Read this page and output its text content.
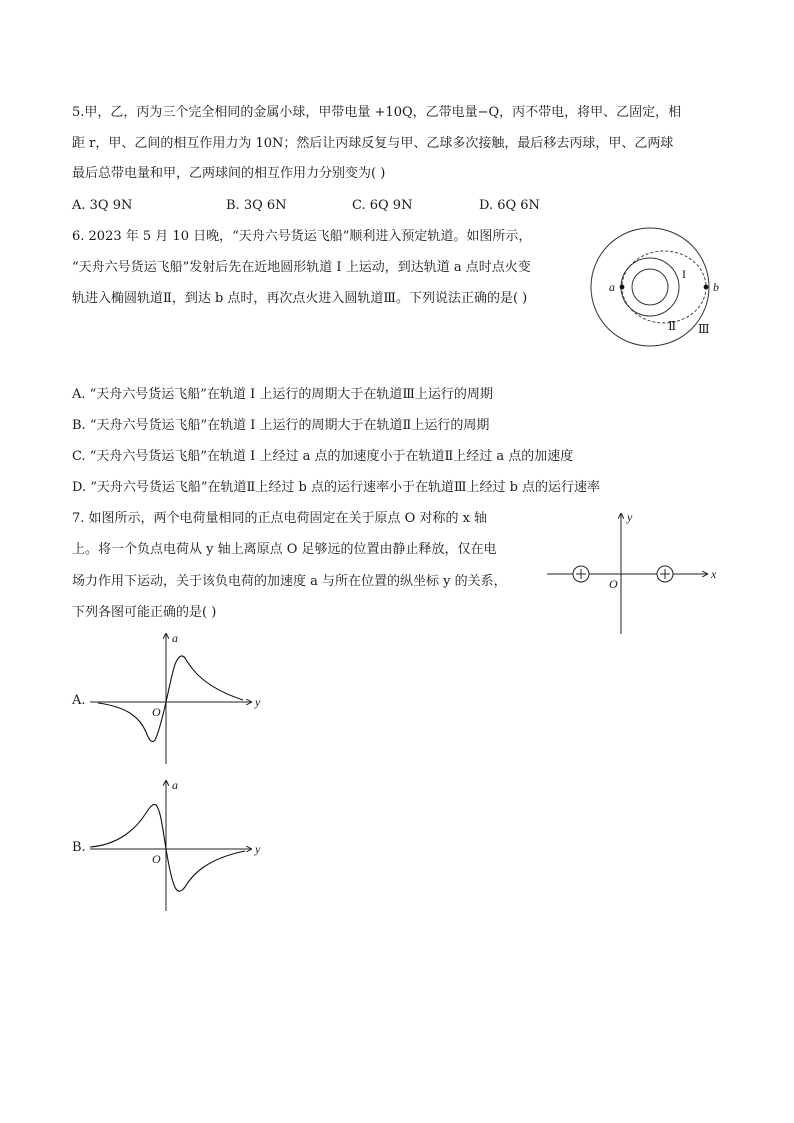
5.甲，乙，丙为三个完全相同的金属小球，甲带电量 +10Q，乙带电量−Q，丙不带电，将甲、乙固定，相
距 r，甲、乙间的相互作用力为 10N；然后让丙球反复与甲、乙球多次接触，最后移去丙球，甲、乙两球
最后总带电量和甲，乙两球间的相互作用力分别变为( )
A. 3Q 9N	B. 3Q 6N	C. 6Q 9N	D. 6Q 6N
6. 2023 年 5 月 10 日晚，“天舟六号货运飞船”顺利进入预定轨道。如图所示，
“天舟六号货运飞船”发射后先在近地圆形轨道 I 上运动，到达轨道 a 点时点火变
轨进入椭圆轨道Ⅱ，到达 b 点时，再次点火进入圆轨道Ⅲ。下列说法正确的是( )
a	b
I
Ⅱ Ⅲ
A. “天舟六号货运飞船”在轨道 I 上运行的周期大于在轨道Ⅲ上运行的周期
B. “天舟六号货运飞船”在轨道 I 上运行的周期大于在轨道Ⅱ上运行的周期
C. “天舟六号货运飞船”在轨道 I 上经过 a 点的加速度小于在轨道Ⅱ上经过 a 点的加速度
D. “天舟六号货运飞船”在轨道Ⅱ上经过 b 点的运行速率小于在轨道Ⅲ上经过 b 点的运行速率
7. 如图所示，两个电荷量相同的正点电荷固定在关于原点 O 对称的 x 轴
上。将一个负点电荷从 y 轴上离原点 O 足够远的位置由静止释放，仅在电
场力作用下运动，关于该负电荷的加速度 a 与所在位置的纵坐标 y 的关系，
下列各图可能正确的是( )
x
y
O
A.
a
y
O
B.
a
y
O
